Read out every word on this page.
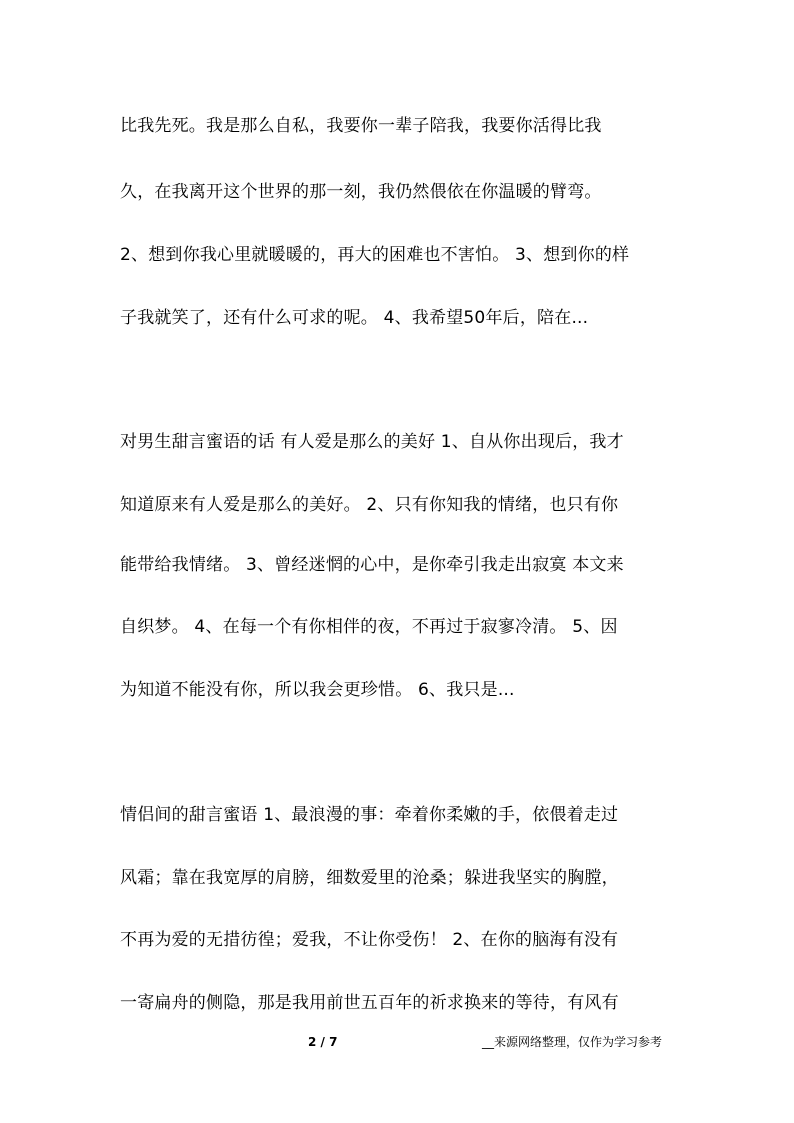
比我先死。我是那么自私，我要你一辈子陪我，我要你活得比我
久，在我离开这个世界的那一刻，我仍然偎依在你温暖的臂弯。
2、想到你我心里就暖暖的，再大的困难也不害怕。 3、想到你的样
子我就笑了，还有什么可求的呢。 4、我希望50年后，陪在...
对男生甜言蜜语的话 有人爱是那么的美好 1、自从你出现后，我才
知道原来有人爱是那么的美好。 2、只有你知我的情绪，也只有你
能带给我情绪。 3、曾经迷惘的心中，是你牵引我走出寂寞 本文来
自织梦。 4、在每一个有你相伴的夜，不再过于寂寥冷清。 5、因
为知道不能没有你，所以我会更珍惜。 6、我只是...
情侣间的甜言蜜语 1、最浪漫的事：牵着你柔嫩的手，依偎着走过
风霜；靠在我宽厚的肩膀，细数爱里的沧桑；躲进我坚实的胸膛，
不再为爱的无措彷徨；爱我，不让你受伤！ 2、在你的脑海有没有
一寄扁舟的侧隐，那是我用前世五百年的祈求换来的等待，有风有
2 / 7	__来源网络整理，仅作为学习参考
